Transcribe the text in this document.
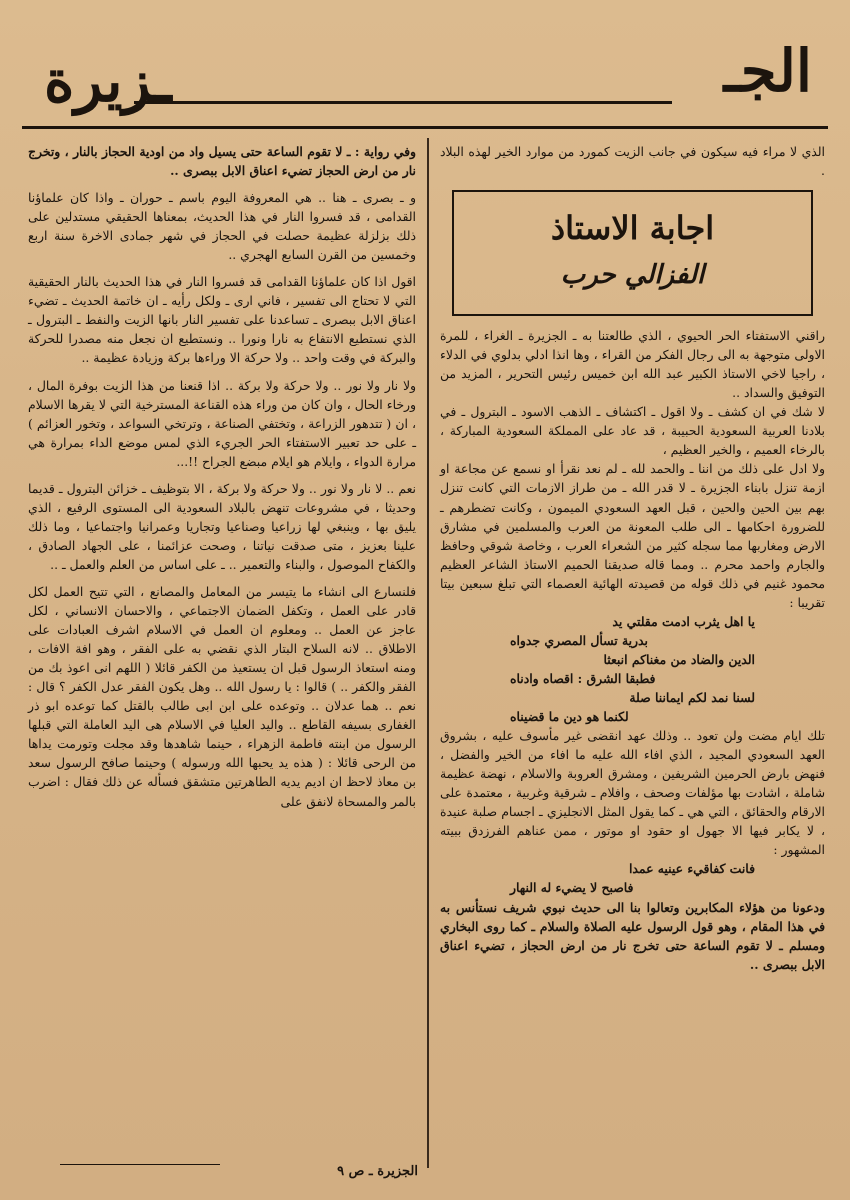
الجـ
ـزيرة

الذي لا مراء فيه سيكون في جانب الزيت كمورد من موارد الخير لهذه البلاد .

اجابة الاستاذ
الفزالي حرب

راقني الاستفتاء الحر الحيوي ، الذي طالعتنا به ـ الجزيرة ـ الغراء ، للمرة الاولى متوجهة به الى رجال الفكر من القراء ، وها انذا ادلي بدلوي في الدلاء ، راجيا لاخي الاستاذ الكبير عبد الله ابن خميس رئيس التحرير ، المزيد من التوفيق والسداد ..

لا شك في ان كشف ـ ولا اقول ـ اكتشاف ـ الذهب الاسود ـ البترول ـ في بلادنا العربية السعودية الحبيبة ، قد عاد على المملكة السعودية المباركة ، بالرخاء العميم ، والخير العظيم ،

ولا ادل على ذلك من اننا ـ والحمد لله ـ لم نعد نقرأ او نسمع عن مجاعة او ازمة تنزل بابناء الجزيرة ـ لا قدر الله ـ من طراز الازمات التي كانت تنزل بهم بين الحين والحين ، قبل العهد السعودي الميمون ، وكانت تضطرهم ـ للضرورة احكامها ـ الى طلب المعونة من العرب والمسلمين في مشارق الارض ومغاربها مما سجله كثير من الشعراء العرب ، وخاصة شوقي وحافظ والجارم واحمد محرم .. ومما قاله صديقنا الحميم الاستاذ الشاعر العظيم محمود غنيم في ذلك قوله من قصيدته الهائية العصماء التي تبلغ سبعين بيتا تقريبا :

يا اهل يثرب ادمت مقلتي يد
بدرية تسأل المصري جدواه
الدين والضاد من مغناكم انبعثا
فطبقا الشرق : اقصاه وادناه
لسنا نمد لكم ايماننا صلة
لكنما هو دين ما قضيناه

تلك ايام مضت ولن تعود .. وذلك عهد انقضى غير مأسوف عليه ، بشروق العهد السعودي المجيد ، الذي افاء الله عليه ما افاء من الخير والفضل ، فنهض بارض الحرمين الشريفين ، ومشرق العروبة والاسلام ، نهضة عظيمة شاملة ، اشادت بها مؤلفات وصحف ، وافلام ـ شرقية وغربية ، معتمدة على الارقام والحقائق ، التي هي ـ كما يقول المثل الانجليزي ـ اجسام صلبة عنيدة ، لا يكابر فيها الا جهول او حقود او موتور ، ممن عناهم الفرزدق ببيته المشهور :

فانت كفاقيء عينيه عمدا
فاصبح لا يضيء له النهار

ودعونا من هؤلاء المكابرين وتعالوا بنا الى حديث نبوي شريف نستأنس به في هذا المقام ، وهو قول الرسول عليه الصلاة والسلام ـ كما روى البخاري ومسلم ـ لا تقوم الساعة حتى تخرج نار من ارض الحجاز ، تضيء اعناق الابل ببصرى ..

وفي رواية : ـ لا تقوم الساعة حتى يسيل واد من اودية الحجاز بالنار ، وتخرج نار من ارض الحجاز تضيء اعناق الابل ببصرى ..

و ـ بصرى ـ هنا .. هي المعروفة اليوم باسم ـ حوران ـ واذا كان علماؤنا القدامى ، قد فسروا النار في هذا الحديث، بمعناها الحقيقي مستدلين على ذلك بزلزلة عظيمة حصلت في الحجاز في شهر جمادى الاخرة سنة اربع وخمسين من القرن السابع الهجري ..

اقول اذا كان علماؤنا القدامى قد فسروا النار في هذا الحديث بالنار الحقيقية التي لا تحتاج الى تفسير ، فاني ارى ـ ولكل رأيه ـ ان خاتمة الحديث ـ تضيء اعناق الابل ببصرى ـ تساعدنا على تفسير النار بانها الزيت والنفط ـ البترول ـ الذي نستطيع الانتفاع به نارا ونورا .. ونستطيع ان نجعل منه مصدرا للحركة والبركة في وقت واحد .. ولا حركة الا وراءها بركة وزيادة عظيمة ..

ولا نار ولا نور .. ولا حركة ولا بركة .. اذا قنعنا من هذا الزيت بوفرة المال ، ورخاء الحال ، وان كان من وراء هذه القناعة المسترخية التي لا يقرها الاسلام ، ان ( تتدهور الزراعة ، وتختفي الصناعة ، وترتخي السواعد ، وتخور العزائم ) ـ على حد تعبير الاستفتاء الحر الجريء الذي لمس موضع الداء بمرارة هي مرارة الدواء ، وايلام هو ايلام مبضع الجراح !!...

نعم .. لا نار ولا نور .. ولا حركة ولا بركة ، الا بتوظيف ـ خزائن البترول ـ قديما وحديثا ، في مشروعات تنهض بالبلاد السعودية الى المستوى الرفيع ، الذي يليق بها ، وينبغي لها زراعيا وصناعيا وتجاريا وعمرانيا واجتماعيا ، وما ذلك علينا بعزيز ، متى صدقت نياتنا ، وصحت عزائمنا ، على الجهاد الصادق ، والكفاح الموصول ، والبناء والتعمير .. ـ على اساس من العلم والعمل ـ ..

فلنسارع الى انشاء ما يتيسر من المعامل والمصانع ، التي تتيح العمل لكل قادر على العمل ، وتكفل الضمان الاجتماعي ، والاحسان الانساني ، لكل عاجز عن العمل .. ومعلوم ان العمل في الاسلام اشرف العبادات على الاطلاق .. لانه السلاح البتار الذي نقضي به على الفقر ، وهو افة الافات ، ومنه استعاذ الرسول قبل ان يستعيذ من الكفر قائلا ( اللهم انى اعوذ بك من الفقر والكفر .. ) قالوا : يا رسول الله .. وهل يكون الفقر عدل الكفر ؟ قال : نعم .. هما عدلان .. وتوعده على ابن ابى طالب بالقتل كما توعده ابو ذر الغفارى بسيفه القاطع .. واليد العليا في الاسلام هى اليد العاملة التي قبلها الرسول من ابنته فاطمة الزهراء ، حينما شاهدها وقد مجلت وتورمت يداها من الرحى قائلا : ( هذه يد يحبها الله ورسوله ) وحينما صافح الرسول سعد بن معاذ لاحظ ان ادیم يديه الطاهرتين متشقق فسأله عن ذلك فقال : اضرب بالمر والمسحاة لانفق على

الجزيرة ـ ص ٩
